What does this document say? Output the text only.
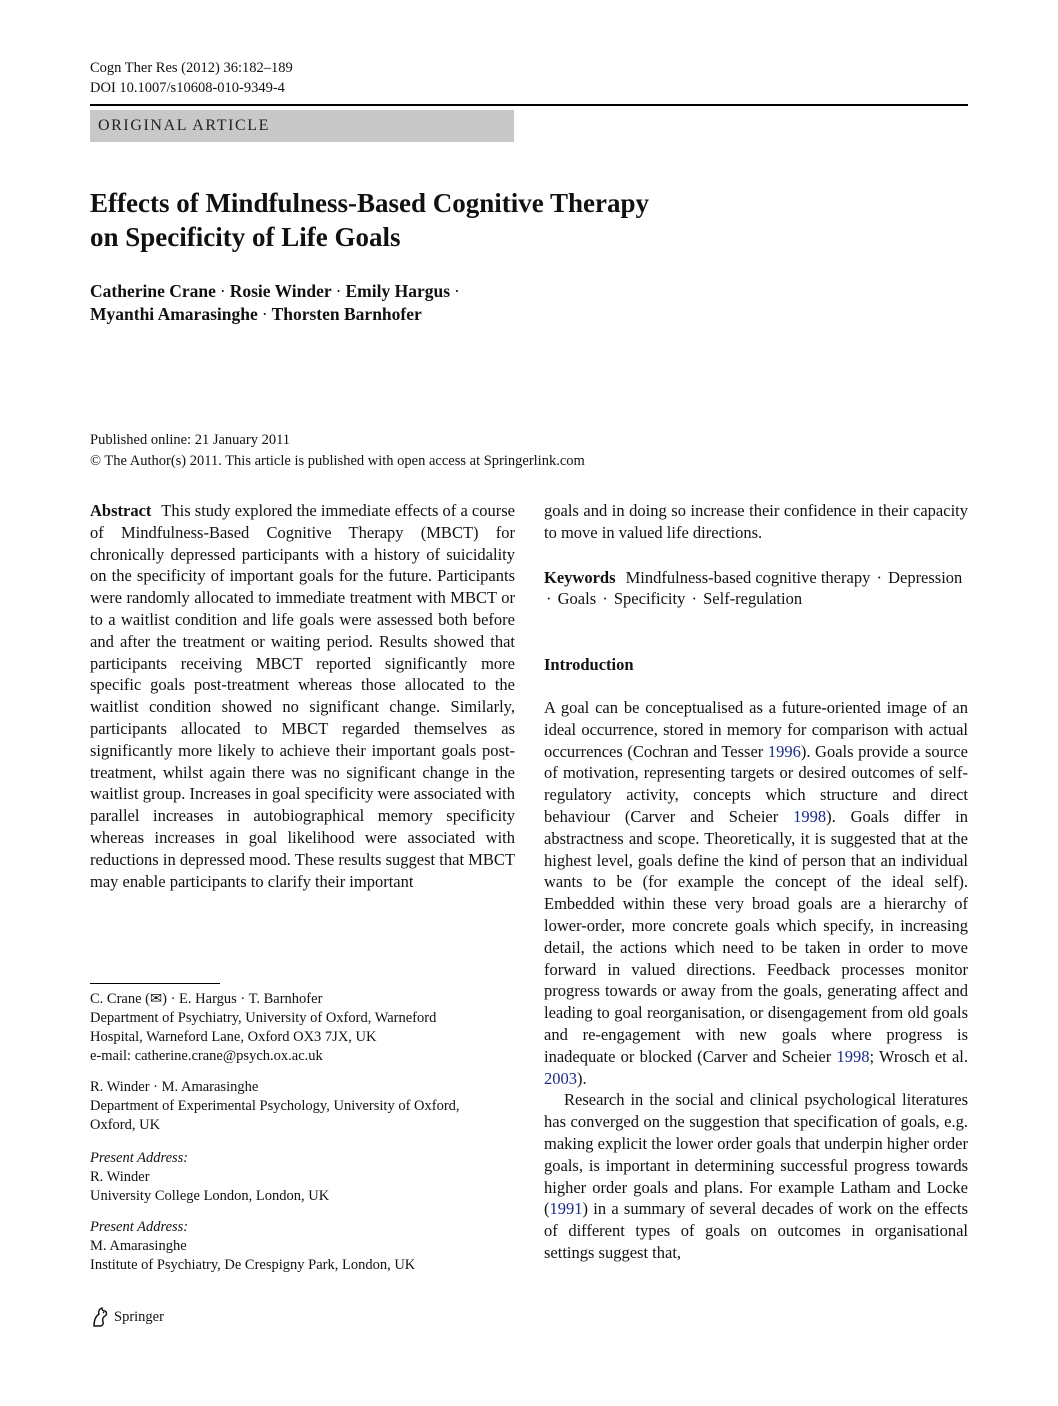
Cogn Ther Res (2012) 36:182–189
DOI 10.1007/s10608-010-9349-4
ORIGINAL ARTICLE
Effects of Mindfulness-Based Cognitive Therapy
on Specificity of Life Goals
Catherine Crane · Rosie Winder · Emily Hargus ·
Myanthi Amarasinghe · Thorsten Barnhofer
Published online: 21 January 2011
© The Author(s) 2011. This article is published with open access at Springerlink.com

Abstract This study explored the immediate effects of a course of Mindfulness-Based Cognitive Therapy (MBCT) for chronically depressed participants with a history of suicidality on the specificity of important goals for the future. Participants were randomly allocated to immediate treatment with MBCT or to a waitlist condition and life goals were assessed both before and after the treatment or waiting period. Results showed that participants receiving MBCT reported significantly more specific goals post-treatment whereas those allocated to the waitlist condition showed no significant change. Similarly, participants allocated to MBCT regarded themselves as significantly more likely to achieve their important goals post-treatment, whilst again there was no significant change in the waitlist group. Increases in goal specificity were associated with parallel increases in autobiographical memory specificity whereas increases in goal likelihood were associated with reductions in depressed mood. These results suggest that MBCT may enable participants to clarify their important

C. Crane (✉) · E. Hargus · T. Barnhofer

Department of Psychiatry, University of Oxford, Warneford

Hospital, Warneford Lane, Oxford OX3 7JX, UK

e-mail: catherine.crane@psych.ox.ac.uk

R. Winder · M. Amarasinghe

Department of Experimental Psychology, University of Oxford,

Oxford, UK

Present Address:

R. Winder

University College London, London, UK

Present Address:

M. Amarasinghe

Institute of Psychiatry, De Crespigny Park, London, UK

goals and in doing so increase their confidence in their capacity to move in valued life directions.

Keywords Mindfulness-based cognitive therapy · Depression · Goals · Specificity · Self-regulation

Introduction

A goal can be conceptualised as a future-oriented image of an ideal occurrence, stored in memory for comparison with actual occurrences (Cochran and Tesser 1996). Goals provide a source of motivation, representing targets or desired outcomes of self-regulatory activity, concepts which structure and direct behaviour (Carver and Scheier 1998). Goals differ in abstractness and scope. Theoretically, it is suggested that at the highest level, goals define the kind of person that an individual wants to be (for example the concept of the ideal self). Embedded within these very broad goals are a hierarchy of lower-order, more concrete goals which specify, in increasing detail, the actions which need to be taken in order to move forward in valued directions. Feedback processes monitor progress towards or away from the goals, generating affect and leading to goal reorganisation, or disengagement from old goals and re-engagement with new goals where progress is inadequate or blocked (Carver and Scheier 1998; Wrosch et al. 2003).

Research in the social and clinical psychological literatures has converged on the suggestion that specification of goals, e.g. making explicit the lower order goals that underpin higher order goals, is important in determining successful progress towards higher order goals and plans. For example Latham and Locke (1991) in a summary of several decades of work on the effects of different types of goals on outcomes in organisational settings suggest that,

Springer
